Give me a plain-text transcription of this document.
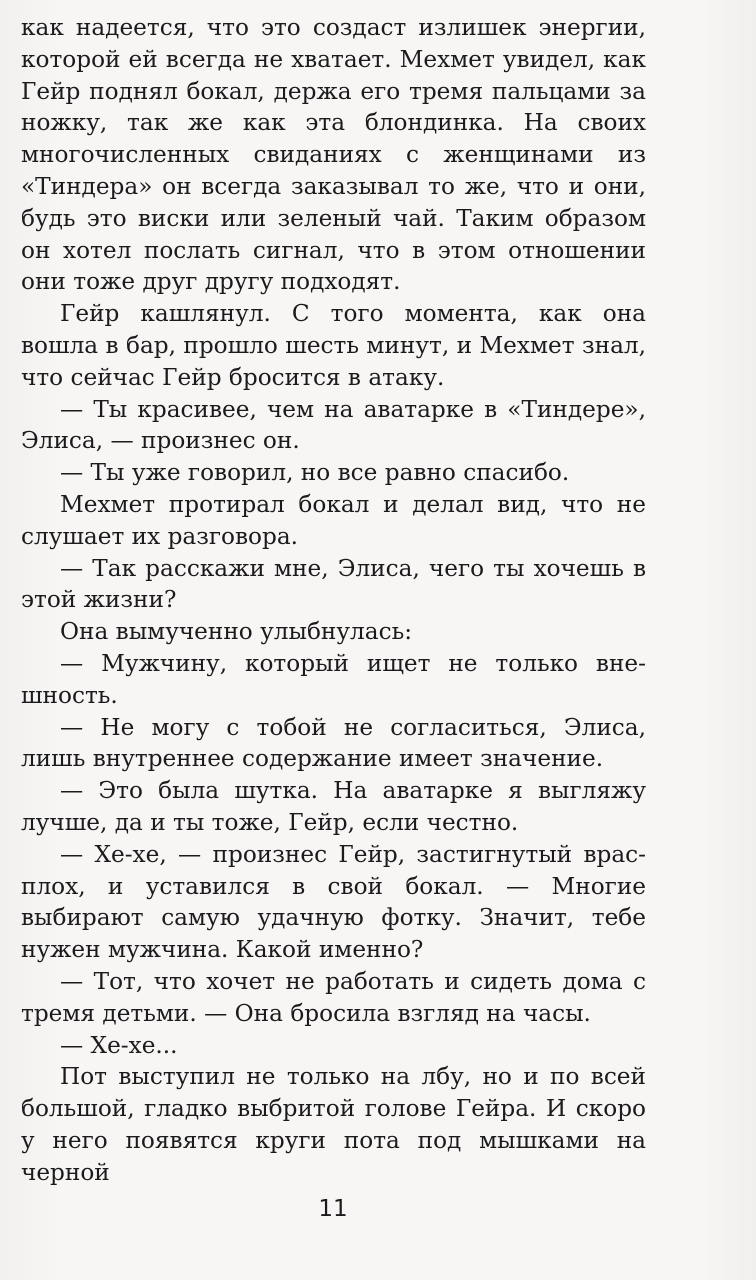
как надеется, что это создаст излишек энергии, которой ей всегда не хватает. Мехмет увидел, как Гейр поднял бокал, держа его тремя пальцами за ножку, так же как эта блондинка. На своих многочисленных свиданиях с женщинами из «Тиндера» он всегда заказывал то же, что и они, будь это виски или зеленый чай. Таким образом он хотел послать сигнал, что в этом отношении они тоже друг другу подходят.

Гейр кашлянул. С того момента, как она вошла в бар, прошло шесть минут, и Мехмет знал, что сейчас Гейр бросится в атаку.

— Ты красивее, чем на аватарке в «Тиндере», Элиса, — произнес он.

— Ты уже говорил, но все равно спасибо.

Мехмет протирал бокал и делал вид, что не слушает их разговора.

— Так расскажи мне, Элиса, чего ты хочешь в этой жизни?

Она вымученно улыбнулась:

— Мужчину, который ищет не только внешность.

— Не могу с тобой не согласиться, Элиса, лишь внутреннее содержание имеет значение.

— Это была шутка. На аватарке я выгляжу лучше, да и ты тоже, Гейр, если честно.

— Хе-хе, — произнес Гейр, застигнутый врасплох, и уставился в свой бокал. — Многие выбирают самую удачную фотку. Значит, тебе нужен мужчина. Какой именно?

— Тот, что хочет не работать и сидеть дома с тремя детьми. — Она бросила взгляд на часы.

— Хе-хе...

Пот выступил не только на лбу, но и по всей большой, гладко выбритой голове Гейра. И скоро у него появятся круги пота под мышками на черной

11
